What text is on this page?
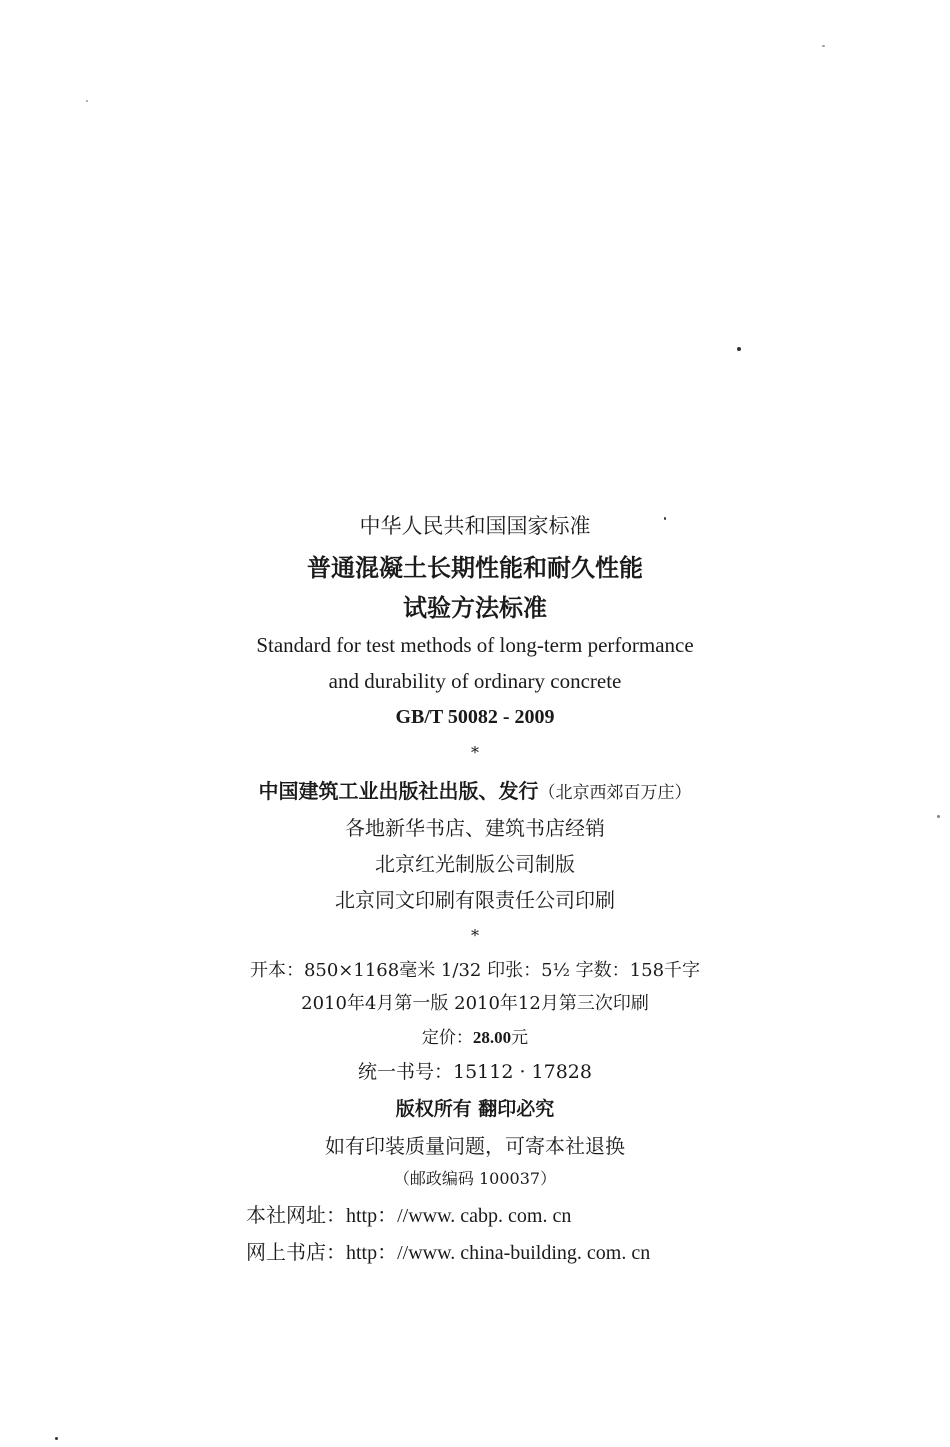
中华人民共和国国家标准
普通混凝土长期性能和耐久性能
试验方法标准
Standard for test methods of long-term performance
and durability of ordinary concrete
GB/T 50082 - 2009
*
中国建筑工业出版社出版、发行（北京西郊百万庄）
各地新华书店、建筑书店经销
北京红光制版公司制版
北京同文印刷有限责任公司印刷
*
开本：850×1168毫米 1/32 印张：5½ 字数：158千字
2010年4月第一版 2010年12月第三次印刷
定价：28.00元
统一书号：15112 · 17828
版权所有 翻印必究
如有印装质量问题，可寄本社退换
（邮政编码 100037）
本社网址：http：//www. cabp. com. cn
网上书店：http：//www. china-building. com. cn
